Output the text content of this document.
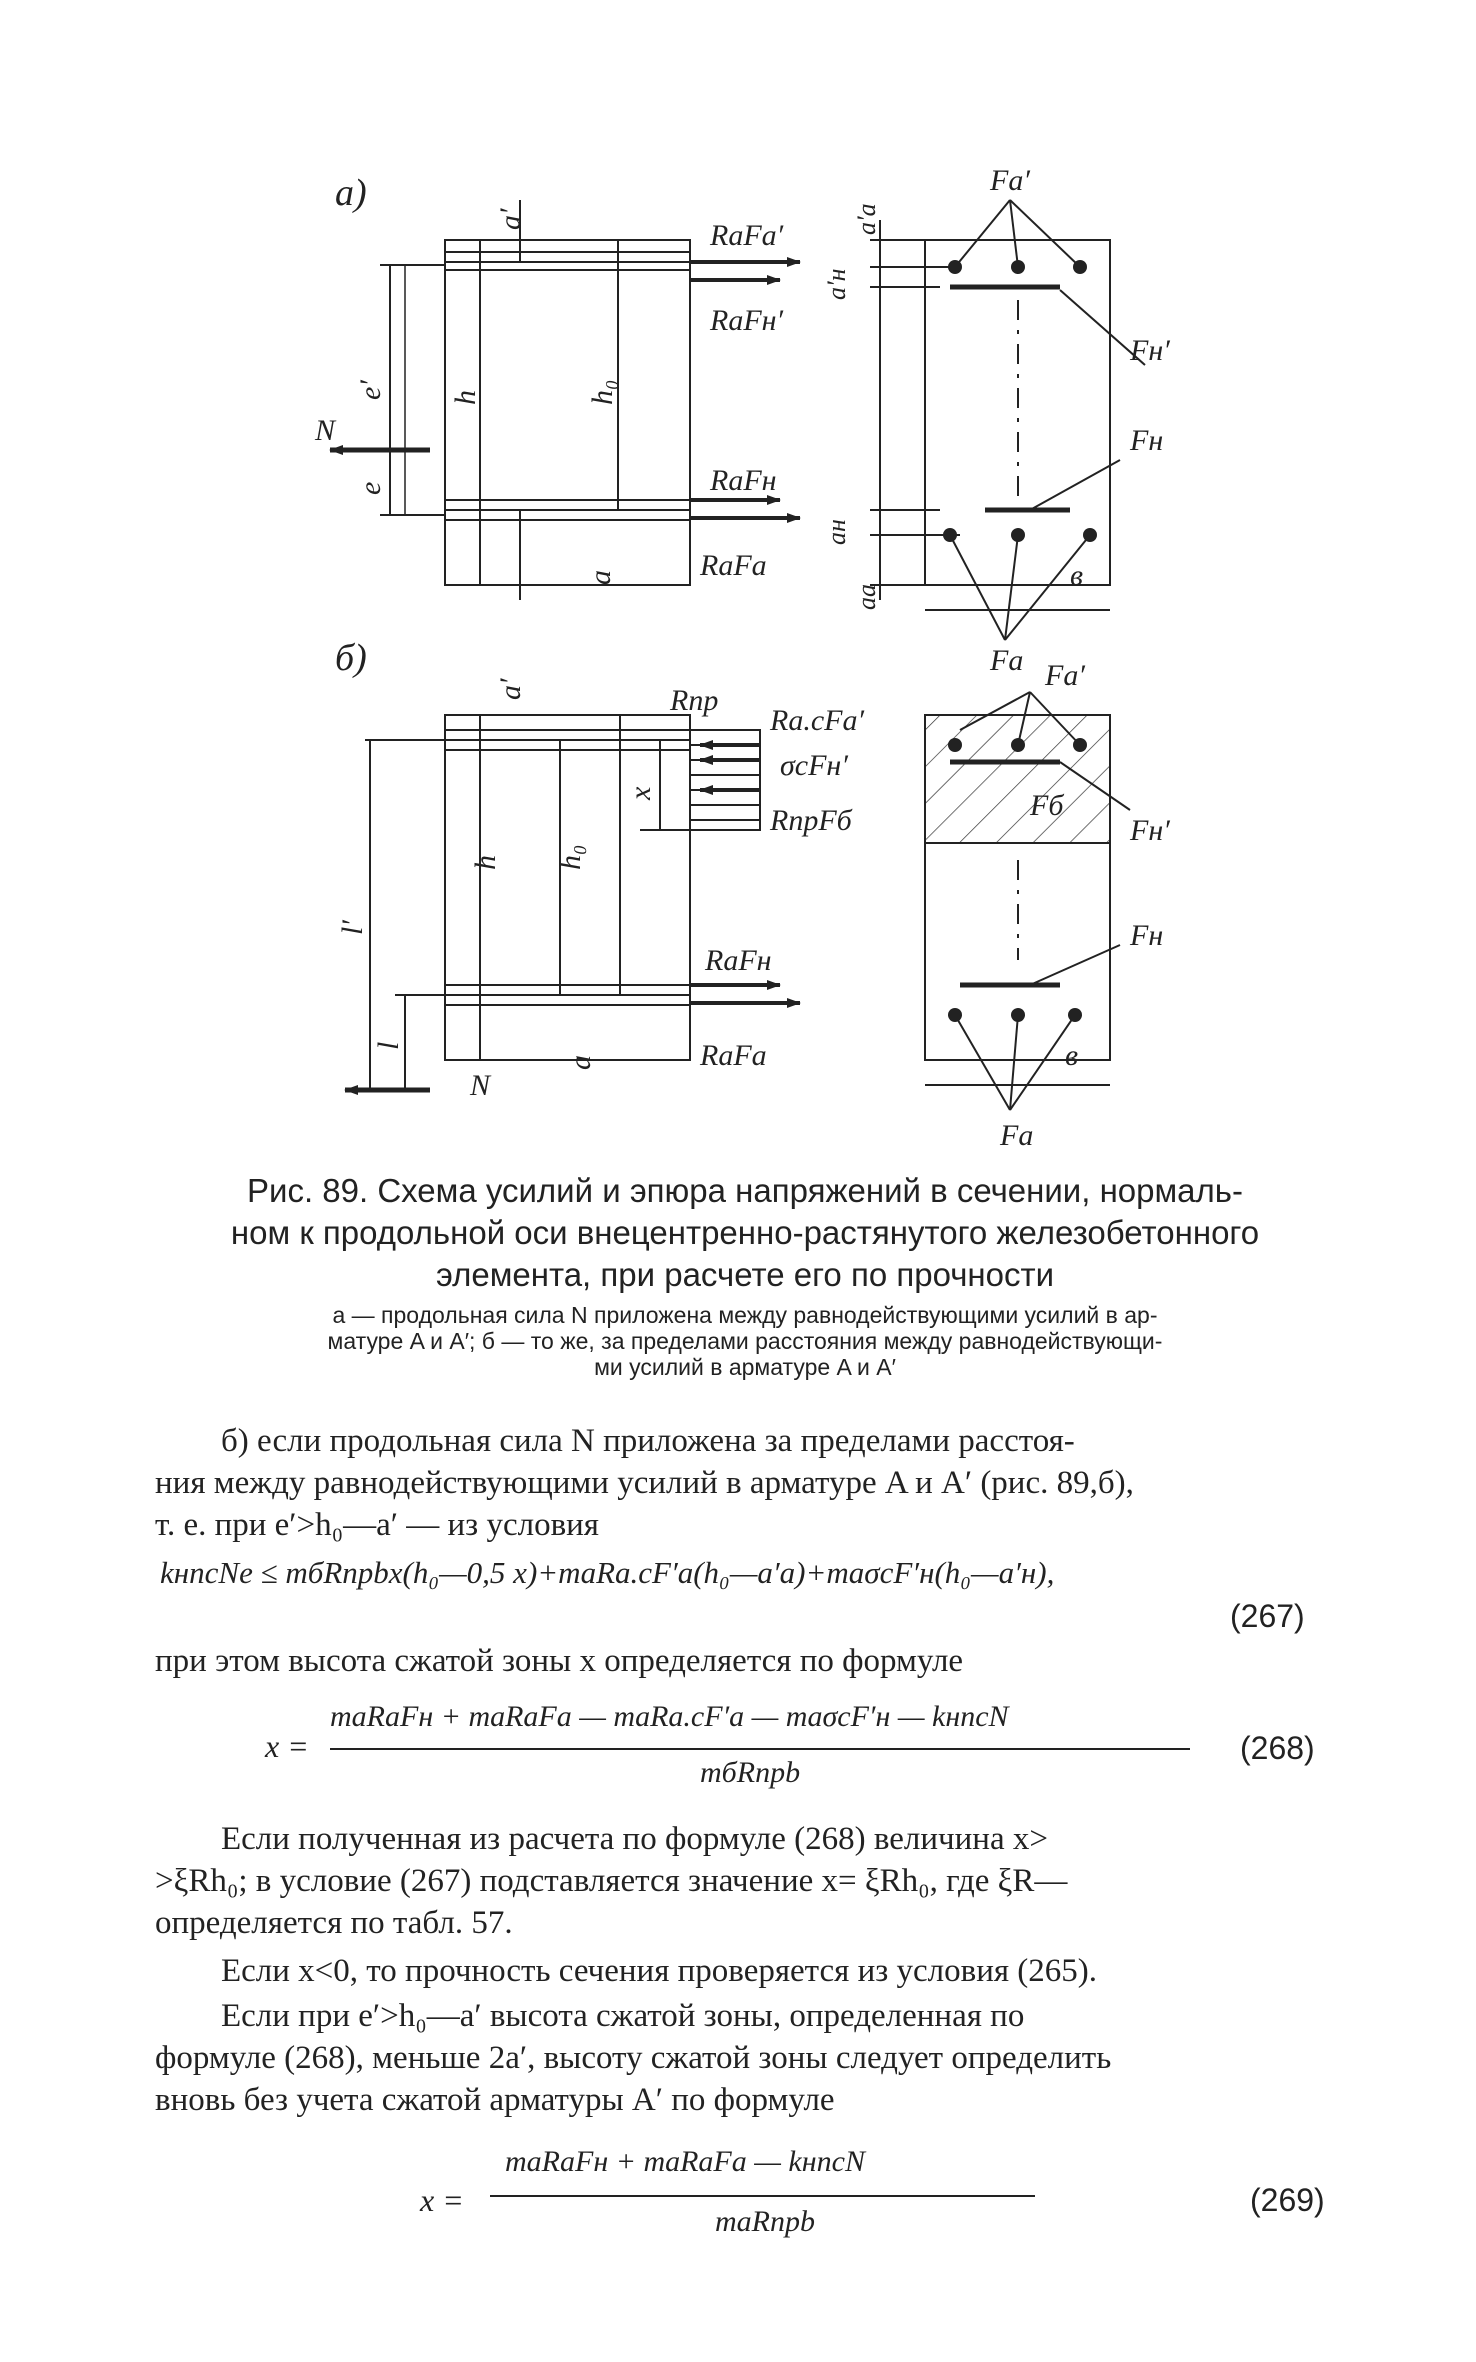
а)
RaFa′
RaFн′
RaFн
RaFa
a′
a
e′
e
N
h	h₀
Fa′
Fн′
Fн
Fa
a′a
a′н
aн
aa
в
б)
Rпр
Ra.cFa′
σcFн′
RпрFб
RaFн
RaFa
a′
a
x
h h₀
l′
l
N
Fa′
Fб
Fн′
Fн
Fa
в
Рис. 89. Схема усилий и эпюра напряжений в сечении, нормаль-
ном к продольной оси внецентренно-растянутого железобетонного
элемента, при расчете его по прочности
а — продольная сила N приложена между равнодействующими усилий в ар-
матуре A и A′; б — то же, за пределами расстояния между равнодействующи-
ми усилий в арматуре A и A′
б) если продольная сила N приложена за пределами расстоя-
ния между равнодействующими усилий в арматуре A и A′ (рис. 89,б),
т. е. при e′>h₀—a′ — из условия
kнncNe ≤ mбRпрbx(h₀—0,5 x)+maRa.cF′a(h₀—a′a)+maσcF′н(h₀—a′н),
(267)
при этом высота сжатой зоны x определяется по формуле
x =
maRaFн + maRaFa — maRa.cF′a — maσcF′н — kнncN
mбRпрb
(268)
Если полученная из расчета по формуле (268) величина x>
>ξRh₀; в условие (267) подставляется значение x= ξRh₀, где ξR—
определяется по табл. 57.
Если x<0, то прочность сечения проверяется из условия (265).
Если при e′>h₀—a′ высота сжатой зоны, определенная по
формуле (268), меньше 2a′, высоту сжатой зоны следует определить
вновь без учета сжатой арматуры A′ по формуле
x =
maRaFн + maRaFa — kнncN
maRпрb
(269)
